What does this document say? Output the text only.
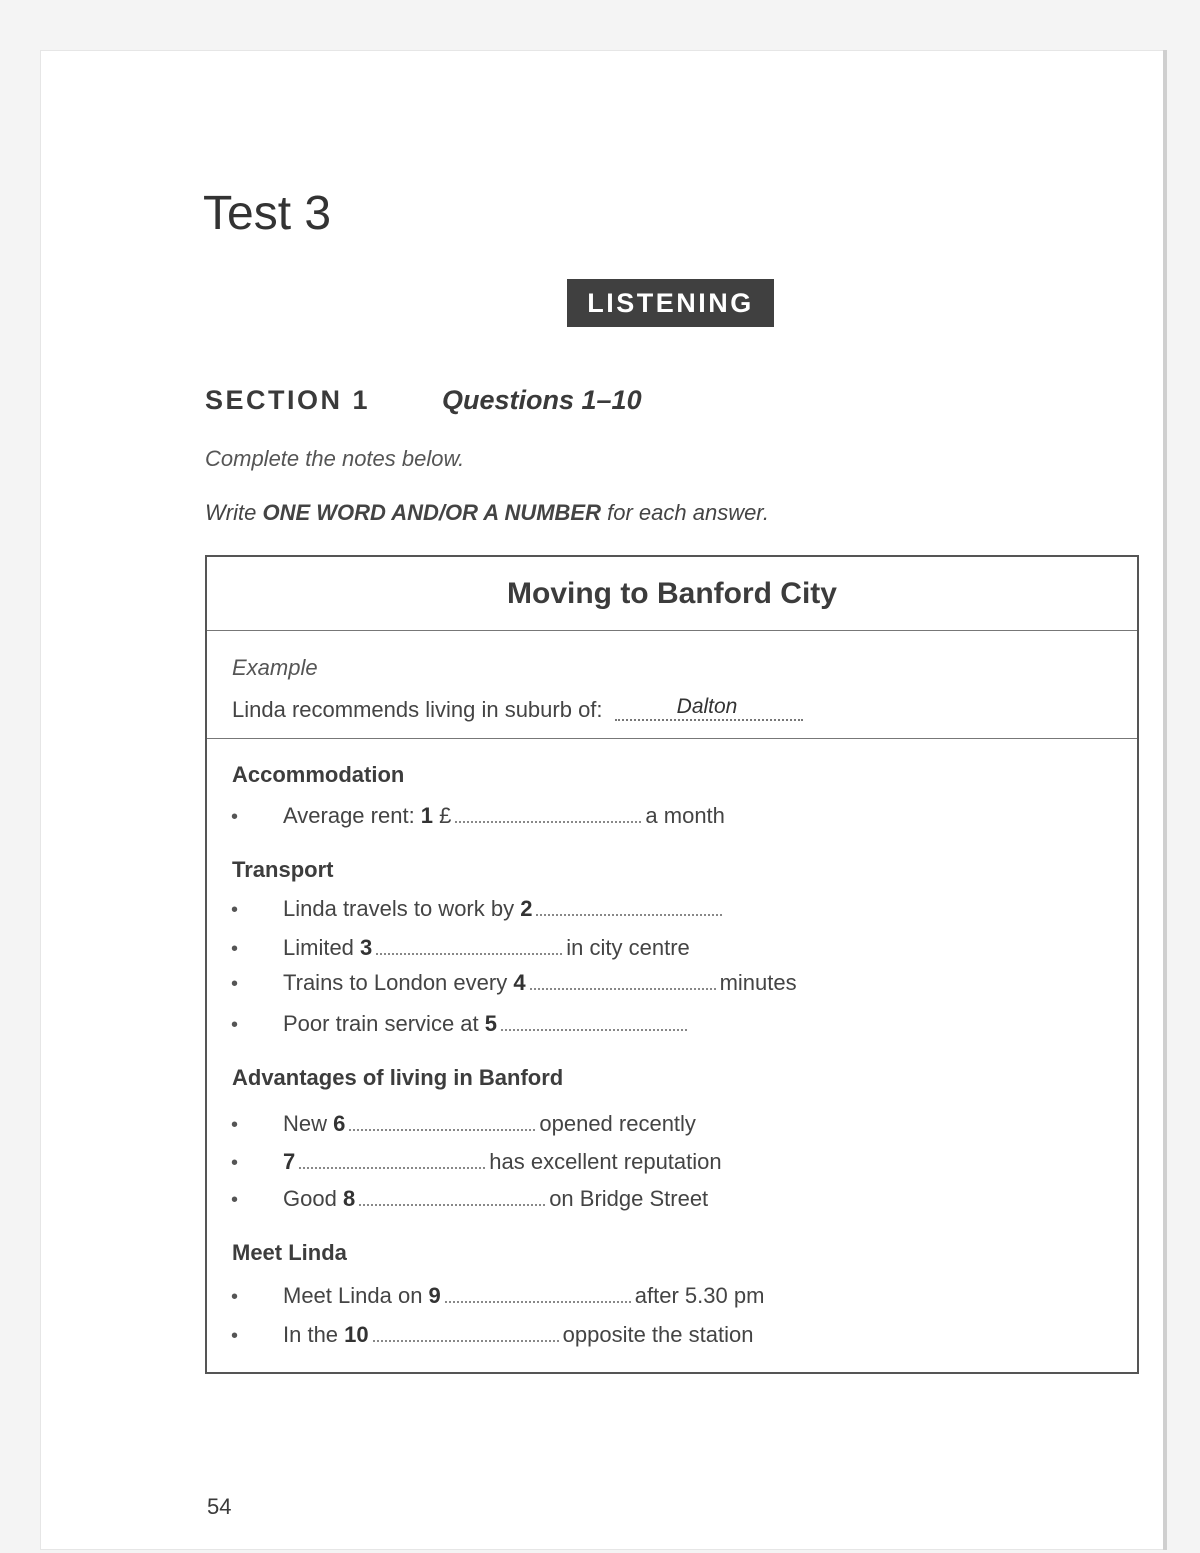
Test 3
LISTENING
SECTION 1	Questions 1–10
Complete the notes below.
Write ONE WORD AND/OR A NUMBER for each answer.
Moving to Banford City
Example
Linda recommends living in suburb of:	Dalton
Accommodation
• Average rent: 1 £	a month
Transport
• Linda travels to work by 2
• Limited 3	in city centre
• Trains to London every 4	minutes
• Poor train service at 5
Advantages of living in Banford
• New 6	opened recently
• 7	has excellent reputation
• Good 8	on Bridge Street
Meet Linda
• Meet Linda on 9	after 5.30 pm
• In the 10	opposite the station
54
